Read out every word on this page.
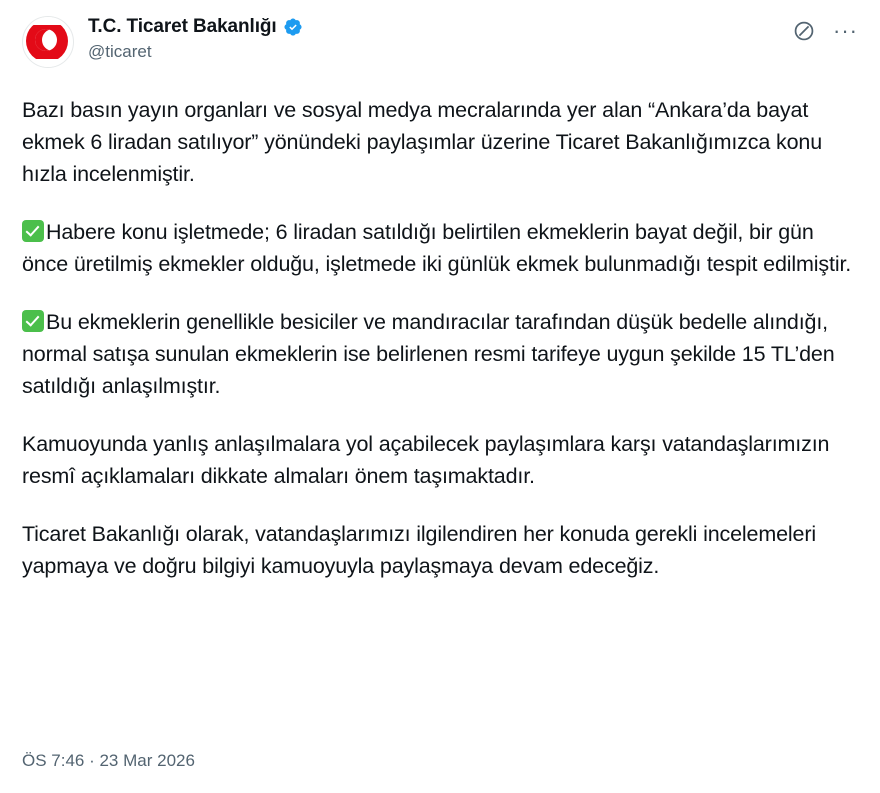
★
T.C. Ticaret Bakanlığı
@ticaret
···

Bazı basın yayın organları ve sosyal medya mecralarında yer alan “Ankara’da bayat ekmek 6 liradan satılıyor” yönündeki paylaşımlar üzerine Ticaret Bakanlığımızca konu hızla incelenmiştir.

Habere konu işletmede; 6 liradan satıldığı belirtilen ekmeklerin bayat değil, bir gün önce üretilmiş ekmekler olduğu, işletmede iki günlük ekmek bulunmadığı tespit edilmiştir.

Bu ekmeklerin genellikle besiciler ve mandıracılar tarafından düşük bedelle alındığı, normal satışa sunulan ekmeklerin ise belirlenen resmi tarifeye uygun şekilde 15 TL’den satıldığı anlaşılmıştır.

Kamuoyunda yanlış anlaşılmalara yol açabilecek paylaşımlara karşı vatandaşlarımızın resmî açıklamaları dikkate almaları önem taşımaktadır.

Ticaret Bakanlığı olarak, vatandaşlarımızı ilgilendiren her konuda gerekli incelemeleri yapmaya ve doğru bilgiyi kamuoyuyla paylaşmaya devam edeceğiz.

ÖS 7:46 · 23 Mar 2026
